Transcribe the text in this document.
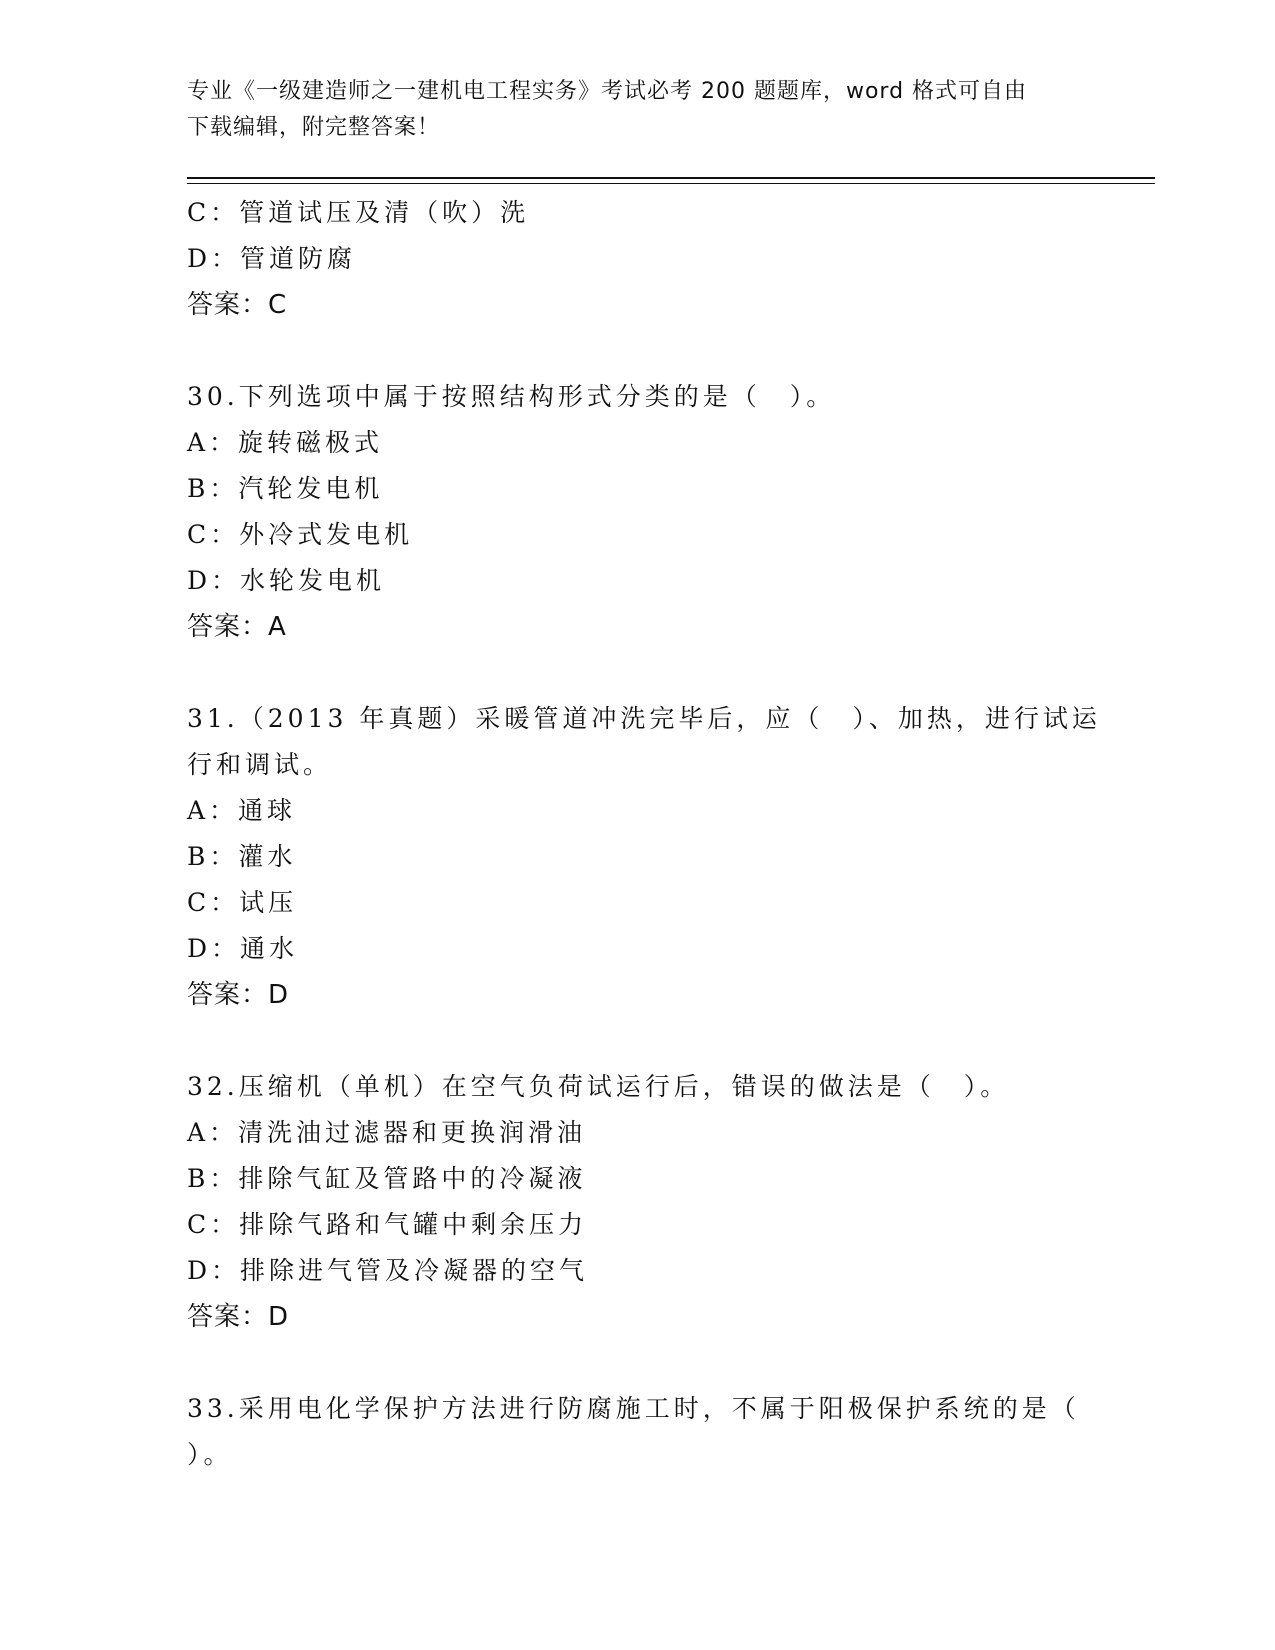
专业《一级建造师之一建机电工程实务》考试必考 200 题题库，word 格式可自由
下载编辑，附完整答案！
C：管道试压及清（吹）洗
D：管道防腐
答案：C
30.下列选项中属于按照结构形式分类的是（　）。
A：旋转磁极式
B：汽轮发电机
C：外冷式发电机
D：水轮发电机
答案：A
31.（2013 年真题）采暖管道冲洗完毕后，应（　）、加热，进行试运
行和调试。
A：通球
B：灌水
C：试压
D：通水
答案：D
32.压缩机（单机）在空气负荷试运行后，错误的做法是（　）。
A：清洗油过滤器和更换润滑油
B：排除气缸及管路中的冷凝液
C：排除气路和气罐中剩余压力
D：排除进气管及冷凝器的空气
答案：D
33.采用电化学保护方法进行防腐施工时，不属于阳极保护系统的是（
）。
